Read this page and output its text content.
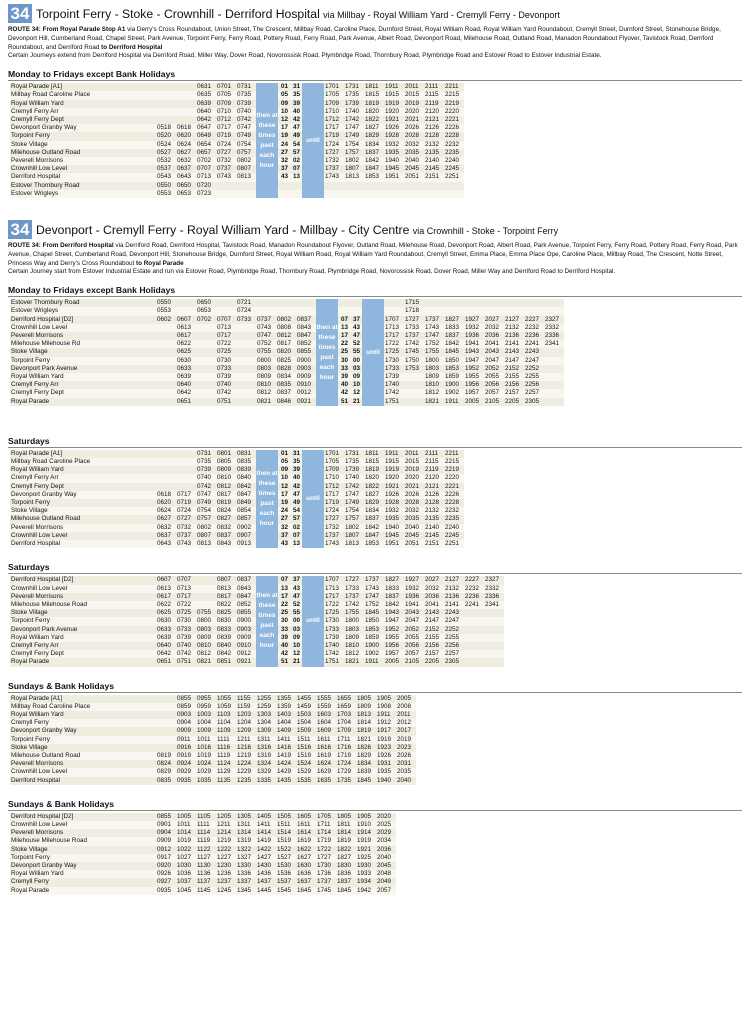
34 Torpoint Ferry - Stoke - Crownhill - Derriford Hospital via Millbay - Royal William Yard - Cremyll Ferry - Devonport
ROUTE 34: From Royal Parade Stop A1 via Derry's Cross Roundabout, Union Street, The Crescent, Millbay Road, Caroline Place, Durnford Street, Royal William Road, Royal William Yard Roundabout, Cremyll Street, Durnford Street, Stonehouse Bridge, Devonport Hill, Cumberland Road, Chapel Street, Park Avenue, Torpoint Ferry, Ferry Road, Pottery Road, Ferry Road, Park Avenue, Albert Road, Devonport Road, Milehouse Road, Outland Road, Manadon Roundabout Flyover, Tavistock Road, Derriford Roundabout, and Derriford Road to Derriford Hospital
Certain Journeys extend from Derriford Hospital via Derriford Road, Miller Way, Dover Road, Novorossisk Road, Plymbridge Road, Thornbury Road, Plymbridge Road and Estover Road to Estover Industrial Estate.
Monday to Fridays except Bank Holidays
Royal Parade [A1]			0631	0701	0731	then at these times past each hour	01	31	until	1701	1731	1811	1911	2011	2111	2211
Millbay Road Caroline Place			0635	0705	0735		05	35		1705	1735	1815	1915	2015	2115	2215
Royal William Yard			0639	0709	0739		09	39		1709	1739	1819	1919	2019	2119	2219
Cremyll Ferry Arr			0640	0710	0740		10	40		1710	1740	1820	1920	2020	2120	2220
Cremyll Ferry Dept			0642	0712	0742		12	42		1712	1742	1822	1921	2021	2121	2221
Devonport Granby Way	0518	0618	0647	0717	0747		17	47		1717	1747	1827	1926	2026	2126	2226
Torpoint Ferry	0520	0620	0649	0719	0749		19	49		1719	1749	1829	1928	2028	2128	2228
Stoke Village	0524	0624	0654	0724	0754		24	54		1724	1754	1834	1932	2032	2132	2232
Milehouse Outland Road	0527	0627	0657	0727	0757		27	57		1727	1757	1837	1935	2035	2135	2235
Peverell Morrisons	0532	0632	0702	0732	0802		32	02		1732	1802	1842	1940	2040	2140	2240
Crownhill Low Level	0537	0637	0707	0737	0807		37	07		1737	1807	1847	1945	2045	2145	2245
Derriford Hospital	0543	0643	0713	0743	0813		43	13		1743	1813	1853	1951	2051	2151	2251
Estover Thornbury Road	0550	0650	0720													
Estover Wrigleys	0553	0653	0723													
34 Devonport - Cremyll Ferry - Royal William Yard - Millbay - City Centre via Crownhill - Stoke - Torpoint Ferry
ROUTE 34: From Derriford Hospital via Derriford Road, Derriford Hospital, Tavistock Road, Manadon Roundabout Flyover, Outland Road, Milehouse Road, Devonport Road, Albert Road, Park Avenue, Torpoint Ferry, Ferry Road, Pottery Road, Ferry Road, Park Avenue, Chapel Street, Cumberland Road, Devonport Hill, Stonehouse Bridge, Durnford Street, Royal William Road, Royal William Yard Roundabout, Cremyll Street, Emma Place, Emma Place Ope, Caroline Place, Millbay Road, The Crescent, Notte Street, Princess Way and Derry's Cross Roundabout to Royal Parade
Certain Journey start from Estover Industrial Estate and run via Estover Road, Plymbridge Road, Thornbury Road, Plymbridge Road, Novorossisk Road, Dover Road, Miller Way and Derriford Road to Derriford Hospital.
Monday to Fridays except Bank Holidays
Estover Thornbury Road	0550		0650		0721				then at these times past each hour			until		1715							
Estover Wrigleys	0553		0653		0724									1718							
Derriford Hospital [D2]	0602	0607	0702	0707	0733	0737	0802	0837		07	37		1707	1727	1737	1827	1927	2027	2127	2227	2327
Crownhill Low Level		0613		0713		0743	0808	0843		13	43		1713	1733	1743	1833	1932	2032	2132	2232	2332
Peverell Morrisons		0617		0717		0747	0812	0847		17	47		1717	1737	1747	1837	1936	2036	2136	2236	2336
Milehouse Milehouse Rd		0622		0722		0752	0817	0852		22	52		1722	1742	1752	1842	1941	2041	2141	2241	2341
Stoke Village		0625		0725		0755	0820	0855		25	55		1725	1745	1755	1845	1943	2043	2143	2243	
Torpoint Ferry		0630		0730		0800	0825	0900		30	00		1730	1750	1800	1850	1947	2047	2147	2247	
Devonport Park Avenue		0633		0733		0803	0828	0903		33	03		1733	1753	1803	1853	1952	2052	2152	2252	
Royal William Yard		0639		0739		0809	0834	0909		39	09		1739		1809	1859	1955	2055	2155	2255	
Cremyll Ferry Arr		0640		0740		0810	0835	0910		40	10		1740		1810	1900	1956	2056	2156	2256	
Cremyll Ferry Dept		0642		0742		0812	0837	0912		42	12		1742		1812	1902	1957	2057	2157	2257	
Royal Parade		0651		0751		0821	0846	0921		51	21		1751		1821	1911	2005	2105	2205	2305	
Saturdays
Royal Parade [A1]			0731	0801	0831	then at these times past each hour	01	31	until	1701	1731	1811	1911	2011	2111	2211
Millbay Road Caroline Place			0735	0805	0835		05	35		1705	1735	1815	1915	2015	2115	2215
Royal William Yard			0739	0809	0839		09	39		1709	1739	1819	1919	2019	2119	2219
Cremyll Ferry Arr			0740	0810	0840		10	40		1710	1740	1820	1920	2020	2120	2220
Cremyll Ferry Dept			0742	0812	0842		12	42		1712	1742	1822	1921	2021	2121	2221
Devonport Granby Way	0618	0717	0747	0817	0847		17	47		1717	1747	1827	1926	2026	2126	2226
Torpoint Ferry	0620	0719	0749	0819	0849		19	49		1719	1749	1829	1928	2028	2128	2228
Stoke Village	0624	0724	0754	0824	0854		24	54		1724	1754	1834	1932	2032	2132	2232
Milehouse Outland Road	0627	0727	0757	0827	0857		27	57		1727	1757	1837	1935	2035	2135	2235
Peverell Morrisons	0632	0732	0802	0832	0902		32	02		1732	1802	1842	1940	2040	2140	2240
Crownhill Low Level	0637	0737	0807	0837	0907		37	07		1737	1807	1847	1945	2045	2145	2245
Derriford Hospital	0643	0743	0813	0843	0913		43	13		1743	1813	1853	1951	2051	2151	2251
Saturdays
Derriford Hospital [D2]	0607	0707		0807	0837	then at these times past each hour	07	37	until	1707	1727	1737	1827	1927	2027	2127	2227	2327
Crownhill Low Level	0613	0713		0813	0843		13	43		1713	1733	1743	1833	1932	2032	2132	2232	2332
Peverell Morrisons	0617	0717		0817	0847		17	47		1717	1737	1747	1837	1936	2036	2136	2236	2336
Milehouse Milehouse Road	0622	0722		0822	0852		22	52		1722	1742	1752	1842	1941	2041	2141	2241	2341
Stoke Village	0625	0725	0755	0825	0855		25	55		1725	1755	1845	1943	2043	2143	2243		
Torpoint Ferry	0630	0730	0800	0830	0900		30	00		1730	1800	1850	1947	2047	2147	2247		
Devonport Park Avenue	0633	0733	0803	0833	0903		33	03		1733	1803	1853	1952	2052	2152	2252		
Royal William Yard	0639	0739	0809	0839	0909		39	09		1739	1809	1859	1955	2055	2155	2255		
Cremyll Ferry Arr	0640	0740	0810	0840	0910		40	10		1740	1810	1900	1956	2056	2156	2256		
Cremyll Ferry Dept	0642	0742	0812	0842	0912		42	12		1742	1812	1902	1957	2057	2157	2257		
Royal Parade	0651	0751	0821	0851	0921		51	21		1751	1821	1911	2005	2105	2205	2305		
Sundays & Bank Holidays
Royal Parade [A1]		0855	0955	1055	1155	1255	1355	1455	1555	1655	1805	1905	2005
Millbay Road Caroline Place		0859	0959	1059	1159	1259	1359	1459	1559	1659	1809	1908	2008
Royal William Yard		0903	1003	1103	1203	1303	1403	1503	1603	1703	1813	1911	2011
Cremyll Ferry		0904	1004	1104	1204	1304	1404	1504	1604	1704	1814	1912	2012
Devonport Granby Way		0909	1009	1109	1209	1309	1409	1509	1609	1709	1819	1917	2017
Torpoint Ferry		0911	1011	1111	1211	1311	1411	1511	1611	1711	1821	1919	2019
Stoke Village		0916	1016	1116	1216	1316	1416	1516	1616	1716	1826	1923	2023
Milehouse Outland Road	0819	0919	1019	1119	1219	1319	1419	1519	1619	1719	1829	1926	2026
Peverell Morrisons	0824	0924	1024	1124	1224	1324	1424	1524	1624	1724	1834	1931	2031
Crownhill Low Level	0829	0929	1029	1129	1229	1329	1429	1529	1629	1729	1839	1935	2035
Derriford Hospital	0835	0935	1035	1135	1235	1335	1435	1535	1635	1735	1845	1940	2040
Sundays & Bank Holidays
Derriford Hospital [D2]	0855	1005	1105	1205	1305	1405	1505	1605	1705	1805	1905	2020
Crownhill Low Level	0901	1011	1111	1211	1311	1411	1511	1611	1711	1811	1910	2025
Peverell Morrisons	0904	1014	1114	1214	1314	1414	1514	1614	1714	1814	1914	2029
Milehouse Milehouse Road	0909	1019	1119	1219	1319	1419	1519	1619	1719	1819	1919	2034
Stoke Village	0912	1022	1122	1222	1322	1422	1522	1622	1722	1822	1921	2036
Torpoint Ferry	0917	1027	1127	1227	1327	1427	1527	1627	1727	1827	1925	2040
Devonport Granby Way	0920	1030	1130	1230	1330	1430	1530	1630	1730	1830	1930	2045
Royal William Yard	0926	1036	1136	1236	1336	1436	1536	1636	1736	1836	1933	2048
Cremyll Ferry	0927	1037	1137	1237	1337	1437	1537	1637	1737	1837	1934	2049
Royal Parade	0935	1045	1145	1245	1345	1445	1545	1645	1745	1845	1942	2057
